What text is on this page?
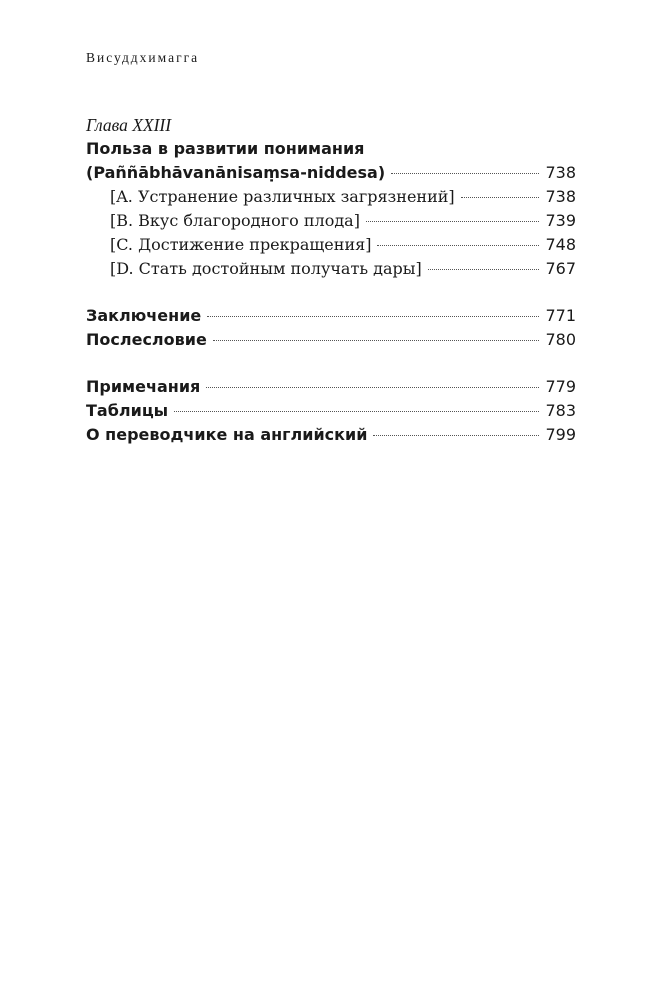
Висуддхимагга
Глава XXIII
Польза в развитии понимания
(Paññābhāvanānisaṃsa-niddesa)	738
[A. Устранение различных загрязнений]	738
[B. Вкус благородного плода]	739
[C. Достижение прекращения]	748
[D. Стать достойным получать дары]	767
Заключение	771
Послесловие	780
Примечания	779
Таблицы	783
О переводчике на английский	799
